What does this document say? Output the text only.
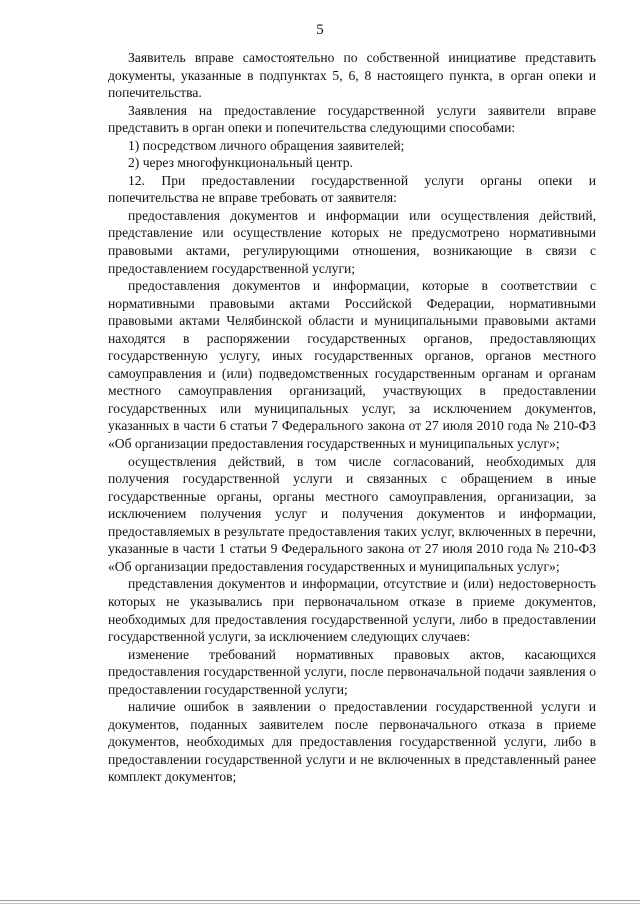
5

Заявитель вправе самостоятельно по собственной инициативе представить документы, указанные в подпунктах 5, 6, 8 настоящего пункта, в орган опеки и попечительства.

Заявления на предоставление государственной услуги заявители вправе представить в орган опеки и попечительства следующими способами:

1) посредством личного обращения заявителей;

2) через многофункциональный центр.

12. При предоставлении государственной услуги органы опеки и попечительства не вправе требовать от заявителя:

предоставления документов и информации или осуществления действий, представление или осуществление которых не предусмотрено нормативными правовыми актами, регулирующими отношения, возникающие в связи с предоставлением государственной услуги;

предоставления документов и информации, которые в соответствии с нормативными правовыми актами Российской Федерации, нормативными правовыми актами Челябинской области и муниципальными правовыми актами находятся в распоряжении государственных органов, предоставляющих государственную услугу, иных государственных органов, органов местного самоуправления и (или) подведомственных государственным органам и органам местного самоуправления организаций, участвующих в предоставлении государственных или муниципальных услуг, за исключением документов, указанных в части 6 статьи 7 Федерального закона от 27 июля 2010 года № 210-ФЗ «Об организации предоставления государственных и муниципальных услуг»;

осуществления действий, в том числе согласований, необходимых для получения государственной услуги и связанных с обращением в иные государственные органы, органы местного самоуправления, организации, за исключением получения услуг и получения документов и информации, предоставляемых в результате предоставления таких услуг, включенных в перечни, указанные в части 1 статьи 9 Федерального закона от 27 июля 2010 года № 210-ФЗ «Об организации предоставления государственных и муниципальных услуг»;

представления документов и информации, отсутствие и (или) недостоверность которых не указывались при первоначальном отказе в приеме документов, необходимых для предоставления государственной услуги, либо в предоставлении государственной услуги, за исключением следующих случаев:

изменение требований нормативных правовых актов, касающихся предоставления государственной услуги, после первоначальной подачи заявления о предоставлении государственной услуги;

наличие ошибок в заявлении о предоставлении государственной услуги и документов, поданных заявителем после первоначального отказа в приеме документов, необходимых для предоставления государственной услуги, либо в предоставлении государственной услуги и не включенных в представленный ранее комплект документов;
